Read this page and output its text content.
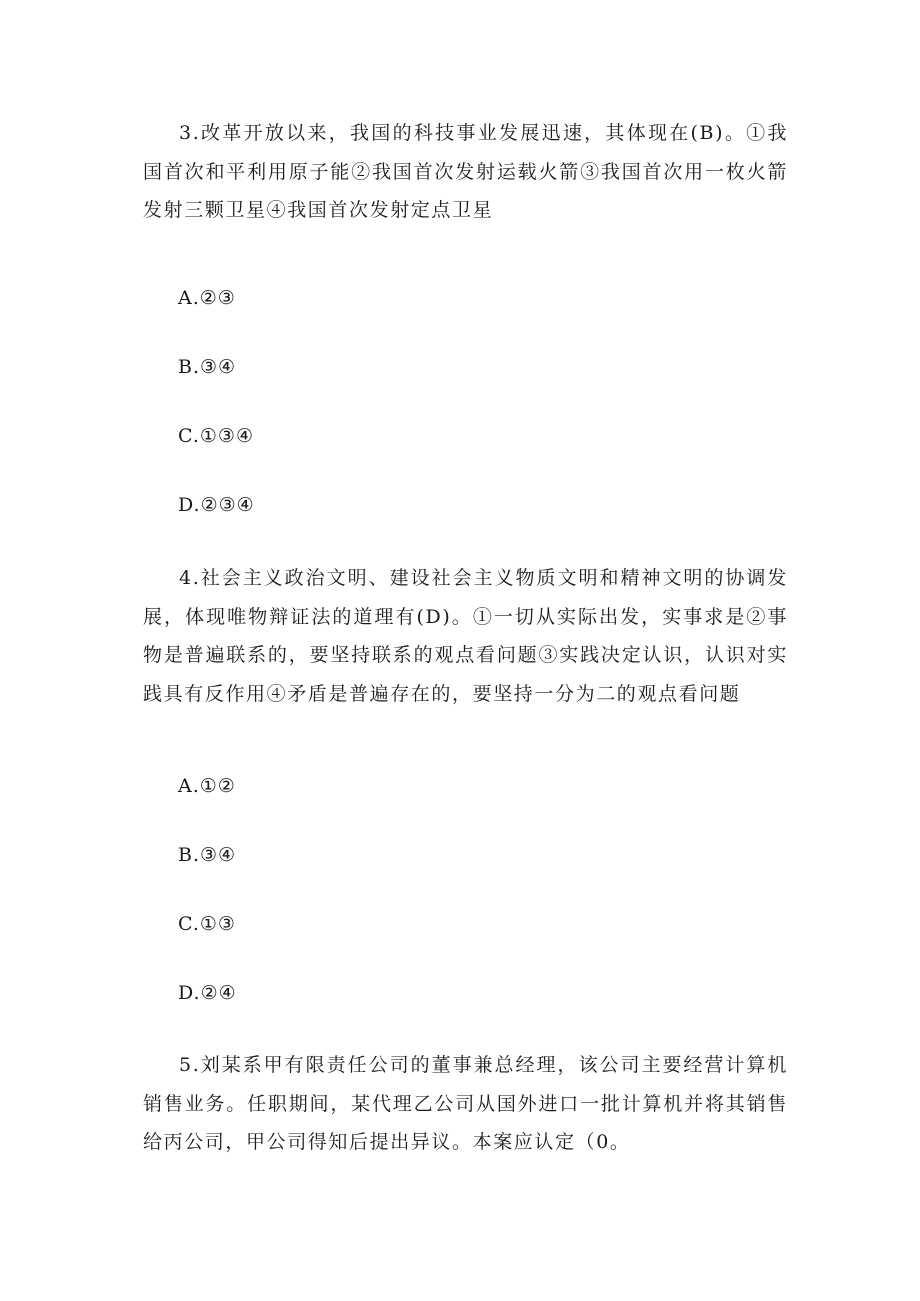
3.改革开放以来，我国的科技事业发展迅速，其体现在(B)。①我国首次和平利用原子能②我国首次发射运载火箭③我国首次用一枚火箭发射三颗卫星④我国首次发射定点卫星

A.②③

B.③④

C.①③④

D.②③④

4.社会主义政治文明、建设社会主义物质文明和精神文明的协调发展，体现唯物辩证法的道理有(D)。①一切从实际出发，实事求是②事物是普遍联系的，要坚持联系的观点看问题③实践决定认识，认识对实践具有反作用④矛盾是普遍存在的，要坚持一分为二的观点看问题

A.①②

B.③④

C.①③

D.②④

5.刘某系甲有限责任公司的董事兼总经理，该公司主要经营计算机销售业务。任职期间，某代理乙公司从国外进口一批计算机并将其销售给丙公司，甲公司得知后提出异议。本案应认定（0。
